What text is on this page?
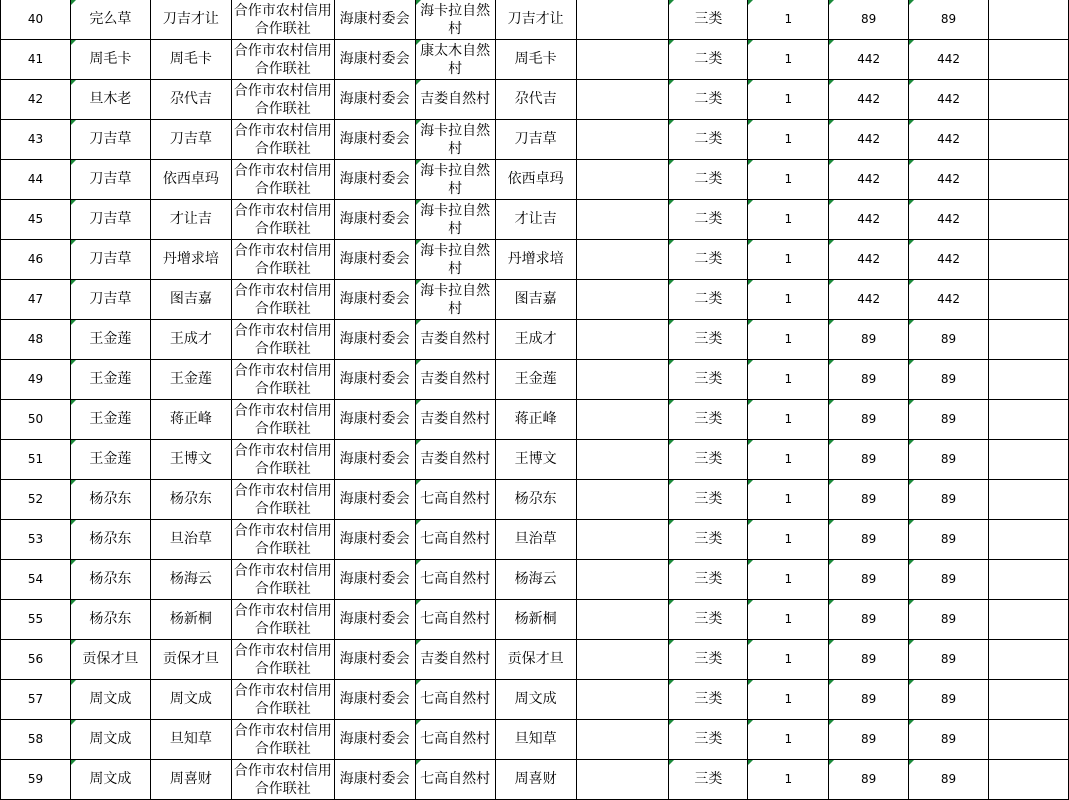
40	完么草	刀吉才让	合作市农村信用合作联社	海康村委会	海卡拉自然村	刀吉才让		三类	1	89	89	
41	周毛卡	周毛卡	合作市农村信用合作联社	海康村委会	康太木自然村	周毛卡		二类	1	442	442	
42	旦木老	尕代吉	合作市农村信用合作联社	海康村委会	吉娄自然村	尕代吉		二类	1	442	442	
43	刀吉草	刀吉草	合作市农村信用合作联社	海康村委会	海卡拉自然村	刀吉草		二类	1	442	442	
44	刀吉草	依西卓玛	合作市农村信用合作联社	海康村委会	海卡拉自然村	依西卓玛		二类	1	442	442	
45	刀吉草	才让吉	合作市农村信用合作联社	海康村委会	海卡拉自然村	才让吉		二类	1	442	442	
46	刀吉草	丹增求培	合作市农村信用合作联社	海康村委会	海卡拉自然村	丹增求培		二类	1	442	442	
47	刀吉草	图吉嘉	合作市农村信用合作联社	海康村委会	海卡拉自然村	图吉嘉		二类	1	442	442	
48	王金莲	王成才	合作市农村信用合作联社	海康村委会	吉娄自然村	王成才		三类	1	89	89	
49	王金莲	王金莲	合作市农村信用合作联社	海康村委会	吉娄自然村	王金莲		三类	1	89	89	
50	王金莲	蒋正峰	合作市农村信用合作联社	海康村委会	吉娄自然村	蒋正峰		三类	1	89	89	
51	王金莲	王博文	合作市农村信用合作联社	海康村委会	吉娄自然村	王博文		三类	1	89	89	
52	杨尕东	杨尕东	合作市农村信用合作联社	海康村委会	七高自然村	杨尕东		三类	1	89	89	
53	杨尕东	旦治草	合作市农村信用合作联社	海康村委会	七高自然村	旦治草		三类	1	89	89	
54	杨尕东	杨海云	合作市农村信用合作联社	海康村委会	七高自然村	杨海云		三类	1	89	89	
55	杨尕东	杨新桐	合作市农村信用合作联社	海康村委会	七高自然村	杨新桐		三类	1	89	89	
56	贡保才旦	贡保才旦	合作市农村信用合作联社	海康村委会	吉娄自然村	贡保才旦		三类	1	89	89	
57	周文成	周文成	合作市农村信用合作联社	海康村委会	七高自然村	周文成		三类	1	89	89	
58	周文成	旦知草	合作市农村信用合作联社	海康村委会	七高自然村	旦知草		三类	1	89	89	
59	周文成	周喜财	合作市农村信用合作联社	海康村委会	七高自然村	周喜财		三类	1	89	89	
